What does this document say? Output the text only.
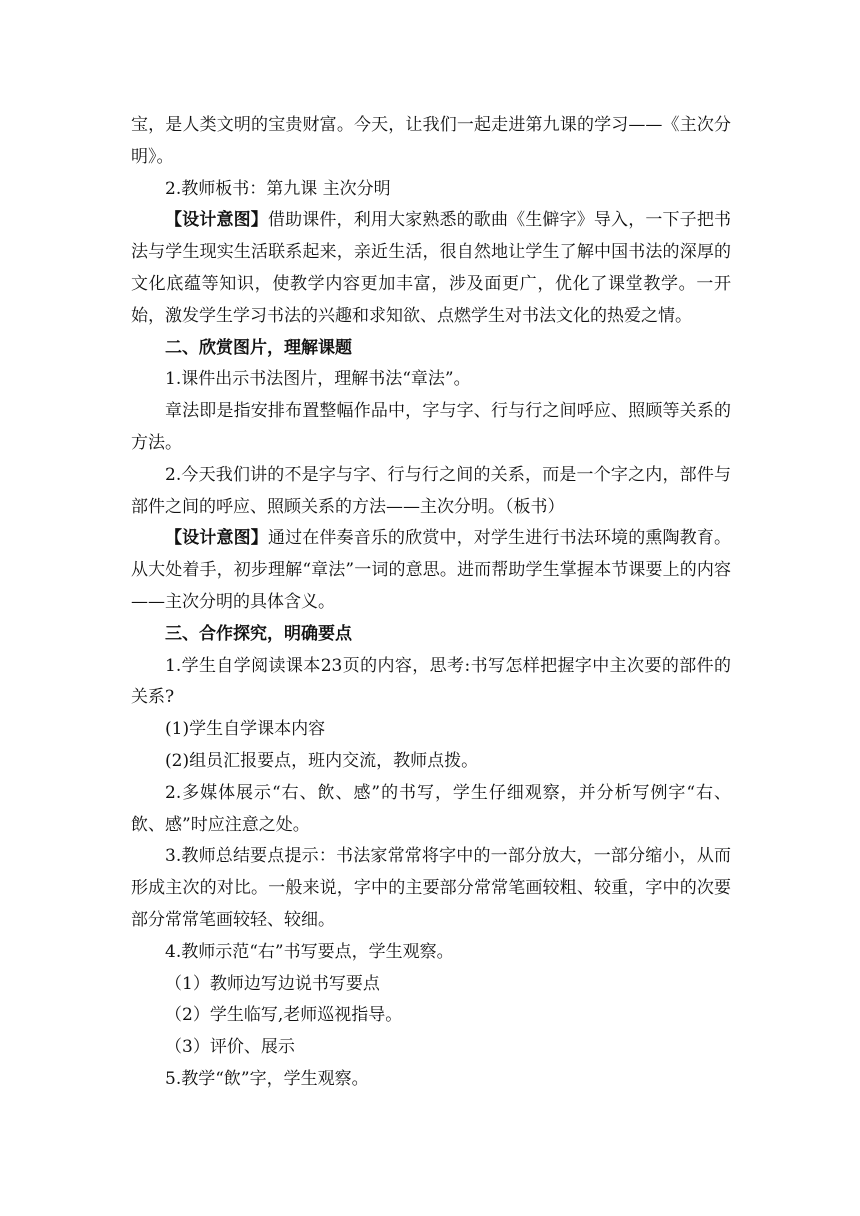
宝，是人类文明的宝贵财富。今天，让我们一起走进第九课的学习——《主次分明》。

2.教师板书：第九课 主次分明

【设计意图】借助课件，利用大家熟悉的歌曲《生僻字》导入，一下子把书法与学生现实生活联系起来，亲近生活，很自然地让学生了解中国书法的深厚的文化底蕴等知识，使教学内容更加丰富，涉及面更广，优化了课堂教学。一开始，激发学生学习书法的兴趣和求知欲、点燃学生对书法文化的热爱之情。

二、欣赏图片，理解课题

1.课件出示书法图片，理解书法“章法”。

章法即是指安排布置整幅作品中，字与字、行与行之间呼应、照顾等关系的方法。

2.今天我们讲的不是字与字、行与行之间的关系，而是一个字之内，部件与部件之间的呼应、照顾关系的方法——主次分明。（板书）

【设计意图】通过在伴奏音乐的欣赏中，对学生进行书法环境的熏陶教育。从大处着手，初步理解“章法”一词的意思。进而帮助学生掌握本节课要上的内容——主次分明的具体含义。

三、合作探究，明确要点

1.学生自学阅读课本23页的内容，思考:书写怎样把握字中主次要的部件的关系?

(1)学生自学课本内容

(2)组员汇报要点，班内交流，教师点拨。

2.多媒体展示“右、飲、感”的书写，学生仔细观察，并分析写例字“右、飲、感”时应注意之处。

3.教师总结要点提示：书法家常常将字中的一部分放大，一部分缩小，从而形成主次的对比。一般来说，字中的主要部分常常笔画较粗、较重，字中的次要部分常常笔画较轻、较细。

4.教师示范“右”书写要点，学生观察。

（1）教师边写边说书写要点

（2）学生临写,老师巡视指导。

（3）评价、展示

5.教学“飲”字，学生观察。
